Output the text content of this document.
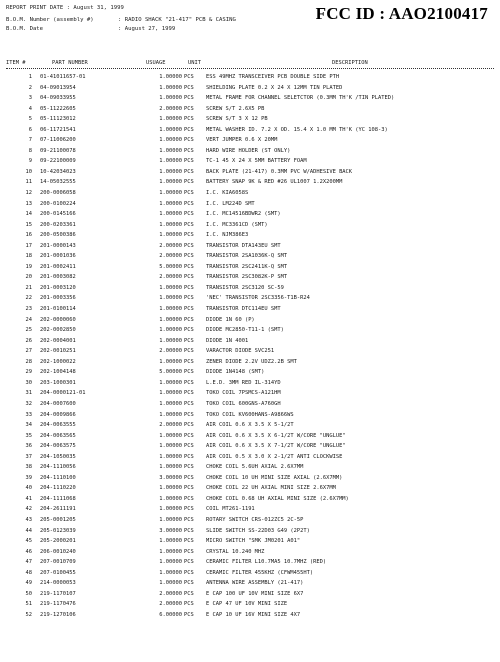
FCC ID : AAO2100417
REPORT PRINT DATE : August 31, 1999
B.O.M. Number (assembly #)	: RADIO SHACK "21-417" PCB & CASING
B.O.M. Date	: August 27, 1999
ITEM #	PART NUMBER	USUAGE	UNIT	DESCRIPTION
1 01-41011657-01	1.00000 PCS ESS 49MHZ TRANSCEIVER PCB DOUBLE SIDE PTH
2 04-09013954	1.00000 PCS SHIELDING PLATE 0.2 X 24 X 12MM TIN PLATED
3 04-09033955	1.00000 PCS METAL FRAME FOR CHANNEL SELETCTOR (0.3MM TH'K /TIN PLATED)
4 05-11222605	2.00000 PCS SCREW S/T 2.6X5 PB
5 05-11123012	1.00000 PCS SCREW S/T 3 X 12 PB
6 06-11721541	1.00000 PCS METAL WASHER ID. 7.2 X OD. 15.4 X 1.0 MM TH'K (YC 108-3)
7 07-11006200	1.00000 PCS VERT JUMPER 0.6 X 20MM
8 09-21100078	1.00000 PCS HARD WIRE HOLDER (ST ONLY)
9 09-22100009	1.00000 PCS TC-1 45 X 24 X 5MM BATTERY FOAM
10 10-42034023	1.00000 PCS BACK PLATE (21-417) 0.3MM PVC W/ADHESIVE BACK
11 14-05032555	1.00000 PCS BATTERY SNAP 9K & RED #26 UL1007 1.2X200MM
12 200-0006058	1.00000 PCS I.C. KIA6058S
13 200-0100224	1.00000 PCS I.C. LM224D SMT
14 200-0145166	1.00000 PCS I.C. MC14516BDWR2 (SMT)
15 200-0203361	1.00000 PCS I.C. MC3361CD (SMT)
16 200-0500386	1.00000 PCS I.C. NJM386E3
17 201-0000143	2.00000 PCS TRANSISTOR DTA143EU SMT
18 201-0001036	2.00000 PCS TRANSISTOR 2SA1036K-Q SMT
19 201-0002411	5.00000 PCS TRANSISTOR 2SC2411K-Q SMT
20 201-0003082	2.00000 PCS TRANSISTOR 2SC3082K-P SMT
21 201-0003120	1.00000 PCS TRANSISTOR 2SC3120 SC-59
22 201-0003356	1.00000 PCS 'NEC' TRANSISTOR 2SC3356-T1B-R24
23 201-0100114	1.00000 PCS TRANSISTOR DTC114EU SMT
24 202-0000060	1.00000 PCS DIODE 1N 60 (P)
25 202-0002850	1.00000 PCS DIODE MC2850-T11-1 (SMT)
26 202-0004001	1.00000 PCS DIODE 1N 4001
27 202-0010251	2.00000 PCS VARACTOR DIODE SVC251
28 202-1000022	1.00000 PCS ZENER DIODE 2.2V UDZ2.2B SMT
29 202-1004148	5.00000 PCS DIODE 1N4148 (SMT)
30 203-1000301	1.00000 PCS L.E.D. 3MM RED IL-314YD
31 204-0000121-01	1.00000 PCS TOKO COIL 7PSMCS-A121HM
32 204-0007600	1.00000 PCS TOKO COIL 600GNS-A760GH
33 204-0009866	1.00000 PCS TOKO COIL KV600HANS-A9866WS
34 204-0063555	2.00000 PCS AIR COIL 0.6 X 3.5 X 5-1/2T
35 204-0063565	1.00000 PCS AIR COIL 0.6 X 3.5 X 6-1/2T W/CORE "UNGLUE"
36 204-0063575	1.00000 PCS AIR COIL 0.6 X 3.5 X 7-1/2T W/CORE "UNGLUE"
37 204-1050035	1.00000 PCS AIR COIL 0.5 X 3.0 X 2-1/2T ANTI CLOCKWISE
38 204-1110056	1.00000 PCS CHOKE COIL 5.6UH AXIAL 2.6X7MM
39 204-1110100	3.00000 PCS CHOKE COIL 10 UH MINI SIZE AXIAL (2.6X7MM)
40 204-1110220	1.00000 PCS CHOKE COIL 22 UH AXIAL MINI SIZE 2.6X7MM
41 204-1111068	1.00000 PCS CHOKE COIL 0.68 UH AXIAL MINI SIZE (2.6X7MM)
42 204-2611191	1.00000 PCS COIL MT261-1191
43 205-0001205	1.00000 PCS ROTARY SWITCH CRS-012ZC5 2C-5P
44 205-0123039	3.00000 PCS SLIDE SWITCH SS-22D03 G49 (2P2T)
45 205-2000201	1.00000 PCS MICRO SWITCH "SMK JM0201 A01"
46 206-0010240	1.00000 PCS CRYSTAL 10.240 MHZ
47 207-0010709	1.00000 PCS CERAMIC FILTER L10.7MA5 10.7MHZ (RED)
48 207-0100455	1.00000 PCS CERAMIC FILTER 455KHZ (CFWM455HT)
49 214-0000053	1.00000 PCS ANTENNA WIRE ASSEMBLY (21-417)
50 219-1170107	2.00000 PCS E CAP 100 UF 10V MINI SIZE 6X7
51 219-1170476	2.00000 PCS E CAP 47 UF 10V MINI SIZE
52 219-1270106	6.00000 PCS E CAP 10 UF 16V MINI SIZE 4X7
